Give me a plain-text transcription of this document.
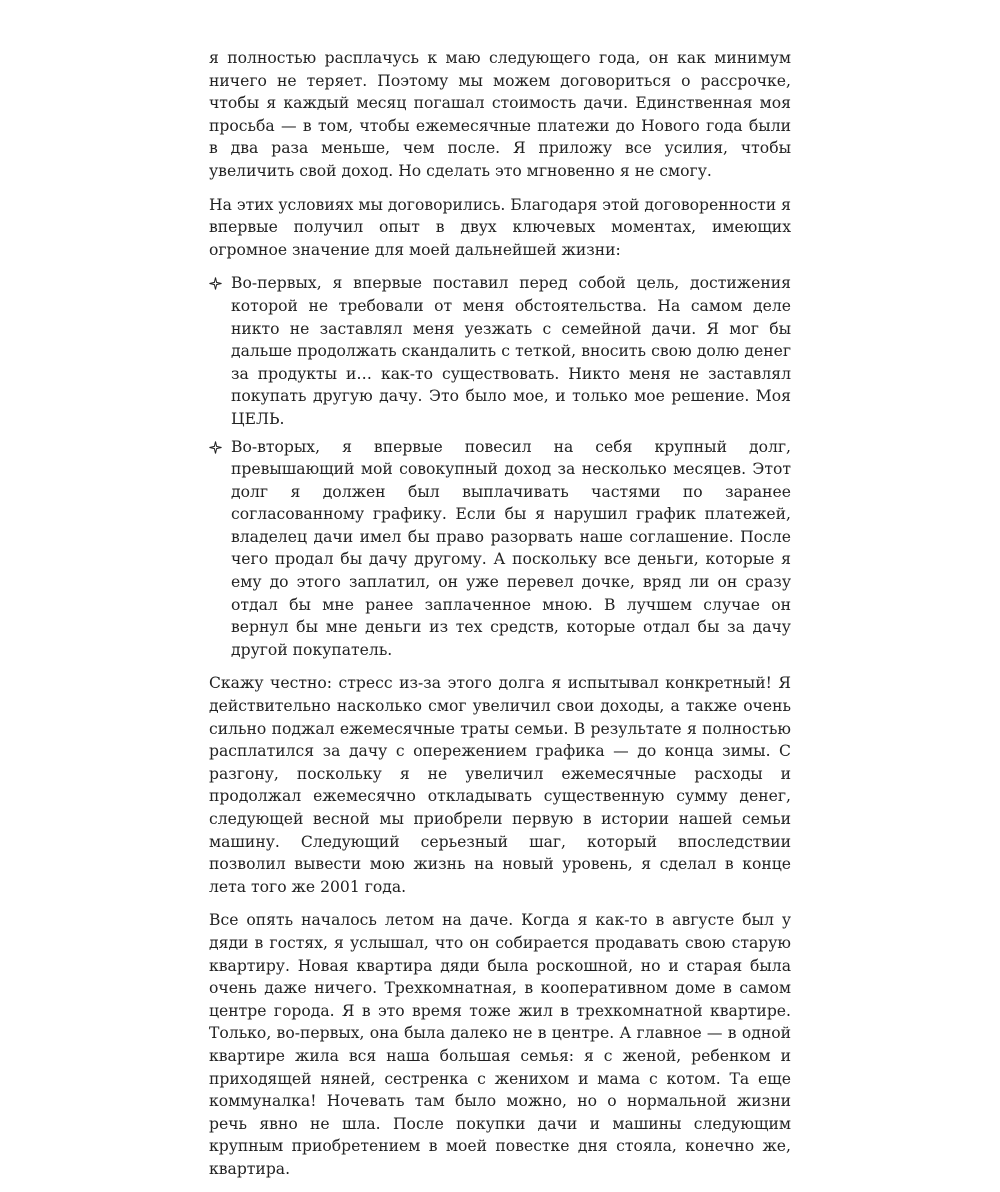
я полностью расплачусь к маю следующего года, он как минимум ничего не теряет. Поэтому мы можем договориться о рассрочке, чтобы я каждый месяц погашал стоимость дачи. Единственная моя просьба — в том, чтобы ежемесячные платежи до Нового года были в два раза меньше, чем после. Я приложу все усилия, чтобы увеличить свой доход. Но сделать это мгновенно я не смогу.

На этих условиях мы договорились. Благодаря этой договоренности я впервые получил опыт в двух ключевых моментах, имеющих огромное значение для моей дальнейшей жизни:

Во-первых, я впервые поставил перед собой цель, достижения которой не требовали от меня обстоятельства. На самом деле никто не заставлял меня уезжать с семейной дачи. Я мог бы дальше продолжать скандалить с теткой, вносить свою долю денег за продукты и… как-то существовать. Никто меня не заставлял покупать другую дачу. Это было мое, и только мое решение. Моя ЦЕЛЬ.
Во-вторых, я впервые повесил на себя крупный долг, превышающий мой совокупный доход за несколько месяцев. Этот долг я должен был выплачивать частями по заранее согласованному графику. Если бы я нарушил график платежей, владелец дачи имел бы право разорвать наше соглашение. После чего продал бы дачу другому. А поскольку все деньги, которые я ему до этого заплатил, он уже перевел дочке, вряд ли он сразу отдал бы мне ранее заплаченное мною. В лучшем случае он вернул бы мне деньги из тех средств, которые отдал бы за дачу другой покупатель.

Скажу честно: стресс из-за этого долга я испытывал конкретный! Я действительно насколько смог увеличил свои доходы, а также очень сильно поджал ежемесячные траты семьи. В результате я полностью расплатился за дачу с опережением графика — до конца зимы. С разгону, поскольку я не увеличил ежемесячные расходы и продолжал ежемесячно откладывать существенную сумму денег, следующей весной мы приобрели первую в истории нашей семьи машину. Следующий серьезный шаг, который впоследствии позволил вывести мою жизнь на новый уровень, я сделал в конце лета того же 2001 года.

Все опять началось летом на даче. Когда я как-то в августе был у дяди в гостях, я услышал, что он собирается продавать свою старую квартиру. Новая квартира дяди была роскошной, но и старая была очень даже ничего. Трехкомнатная, в кооперативном доме в самом центре города. Я в это время тоже жил в трехкомнатной квартире. Только, во-первых, она была далеко не в центре. А главное — в одной квартире жила вся наша большая семья: я с женой, ребенком и приходящей няней, сестренка с женихом и мама с котом. Та еще коммуналка! Ночевать там было можно, но о нормальной жизни речь явно не шла. После покупки дачи и машины следующим крупным приобретением в моей повестке дня стояла, конечно же, квартира.
